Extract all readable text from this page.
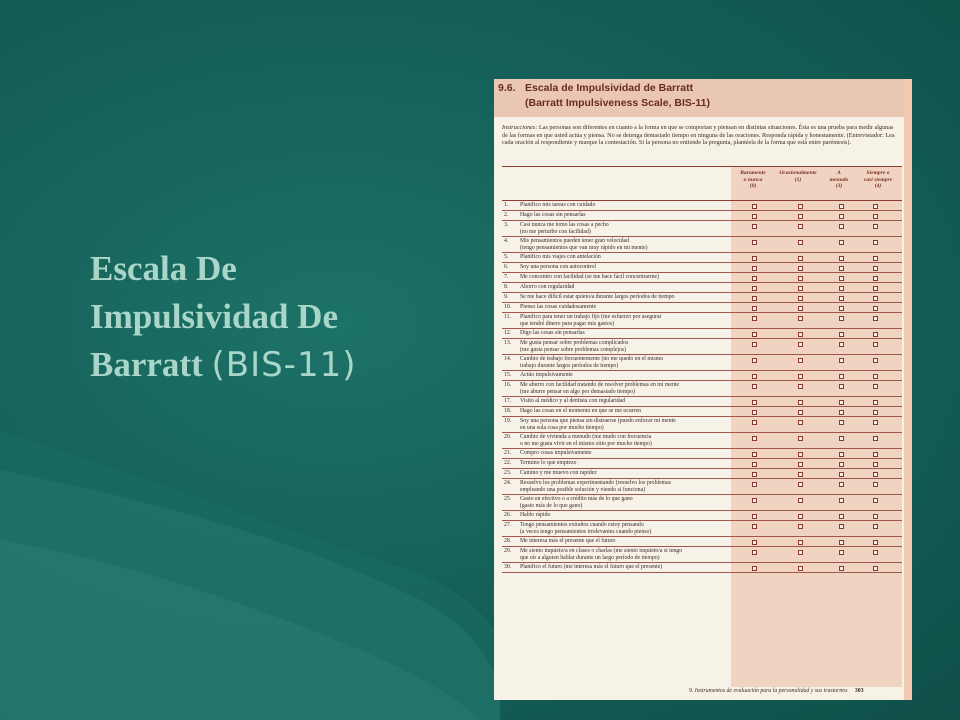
Escala De
Impulsividad De
Barratt (BIS-11)
9.6. Escala de Impulsividad de Barratt
(Barratt Impulsiveness Scale, BIS-11)
Instrucciones: Las personas son diferentes en cuanto a la forma en que se comportan y piensan en distintas situaciones. Ésta es una prueba para medir algunas de las formas en que usted actúa y piensa. No se detenga demasiado tiempo en ninguna de las oraciones. Responda rápida y honestamente. (Entrevistador: Lea cada oración al respondiente y marque la contestación. Si la persona no entiende la pregunta, plantéela de la forma que está entre paréntesis).
Raramente
o nunca
(0)
Ocasionalmente
(1)
A
menudo
(3)
Siempre o
casi siempre
(4)
1.	Planifico mis tareas con cuidado
2.	Hago las cosas sin pensarlas
3.	Casi nunca me tomo las cosas a pecho
(no me perturbo con facilidad)
4.	Mis pensamientos pueden tener gran velocidad
(tengo pensamientos que van muy rápido en mi mente)
5.	Planifico mis viajes con antelación
6.	Soy una persona con autocontrol
7.	Me concentro con facilidad (se me hace fácil concentrarme)
8.	Ahorro con regularidad
9.	Se me hace difícil estar quieto/a durante largos períodos de tiempo
10.	Pienso las cosas cuidadosamente
11.	Planifico para tener un trabajo fijo (me esfuerzo por asegurar
que tendré dinero para pagar mis gastos)
12.	Digo las cosas sin pensarlas
13.	Me gusta pensar sobre problemas complicados
(me gusta pensar sobre problemas complejos)
14.	Cambio de trabajo frecuentemente (no me quedo en el mismo
trabajo durante largos períodos de tiempo)
15.	Actúo impulsivamente
16.	Me aburro con facilidad tratando de resolver problemas en mi mente
(me aburre pensar en algo por demasiado tiempo)
17.	Visito al médico y al dentista con regularidad
18.	Hago las cosas en el momento en que se me ocurren
19.	Soy una persona que piensa sin distraerse (puedo enfocar mi mente
en una sola cosa por mucho tiempo)
20.	Cambio de vivienda a menudo (me mudo con frecuencia
o no me gusta vivir en el mismo sitio por mucho tiempo)
21.	Compro cosas impulsivamente
22.	Termino lo que empiezo
23.	Camino y me muevo con rapidez
24.	Resuelvo los problemas experimentando (resuelvo los problemas
empleando una posible solución y viendo si funciona)
25.	Gasto en efectivo o a crédito más de lo que gano
(gasto más de lo que gano)
26.	Hablo rápido
27.	Tengo pensamientos extraños cuando estoy pensando
(a veces tengo pensamientos irrelevantes cuando pienso)
28.	Me interesa más el presente que el futuro
29.	Me siento inquieto/a en clases o charlas (me siento inquieto/a si tengo
que oír a alguien hablar durante un largo período de tiempo)
30.	Planifico el futuro (me interesa más el futuro que el presente)
9. Instrumentos de evaluación para la personalidad y sus trastornos 303
